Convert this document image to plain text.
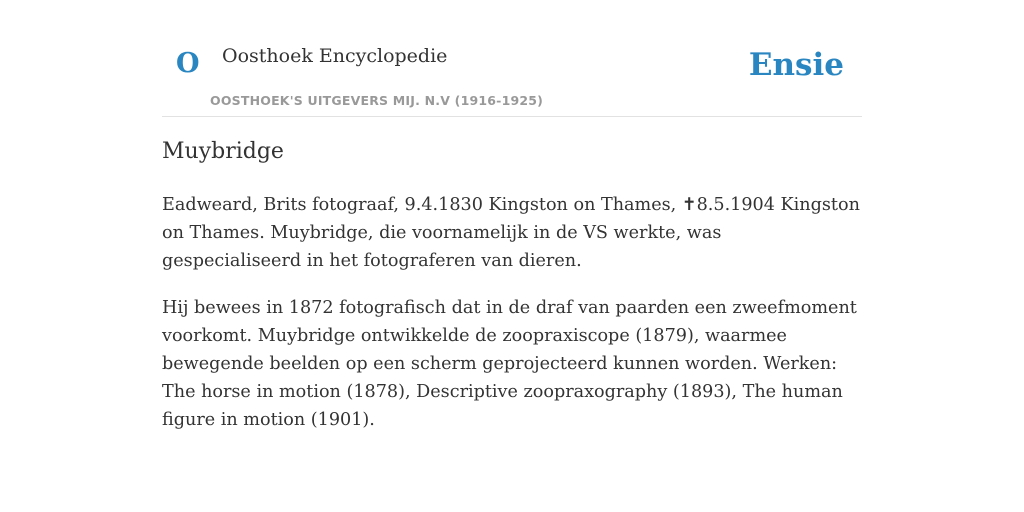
O Oosthoek Encyclopedie
OOSTHOEK'S UITGEVERS MIJ. N.V (1916-1925)
Ensie
Muybridge

Eadweard, Brits fotograaf, 9.4.1830 Kingston on Thames, ✝8.5.1904 Kingston on Thames. Muybridge, die voornamelijk in de VS werkte, was gespecialiseerd in het fotograferen van dieren.

Hij bewees in 1872 fotografisch dat in de draf van paarden een zweefmoment voorkomt. Muybridge ontwikkelde de zoopraxiscope (1879), waarmee bewegende beelden op een scherm geprojecteerd kunnen worden. Werken: The horse in motion (1878), Descriptive zoopraxography (1893), The human figure in motion (1901).
